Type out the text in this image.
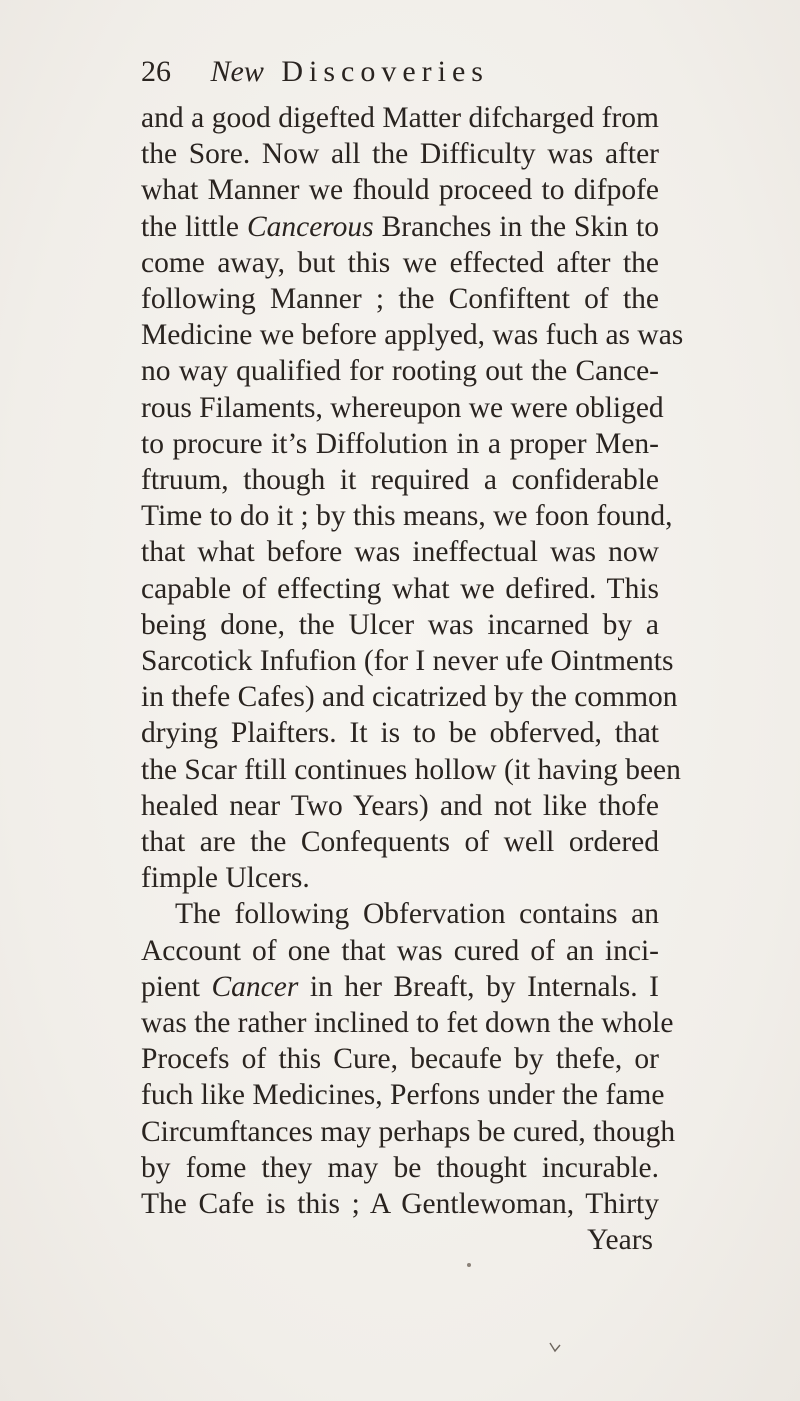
26 New Discoveries
and a good digefted Matter difcharged from
the Sore. Now all the Difficulty was after
what Manner we fhould proceed to difpofe
the little Cancerous Branches in the Skin to
come away, but this we effected after the
following Manner ; the Confiftent of the
Medicine we before applyed, was fuch as was
no way qualified for rooting out the Cance-
rous Filaments, whereupon we were obliged
to procure it’s Diffolution in a proper Men-
ftruum, though it required a confiderable
Time to do it ; by this means, we foon found,
that what before was ineffectual was now
capable of effecting what we defired. This
being done, the Ulcer was incarned by a
Sarcotick Infufion (for I never ufe Ointments
in thefe Cafes) and cicatrized by the common
drying Plaifters. It is to be obferved, that
the Scar ftill continues hollow (it having been
healed near Two Years) and not like thofe
that are the Confequents of well ordered
fimple Ulcers.
The following Obfervation contains an
Account of one that was cured of an inci-
pient Cancer in her Breaft, by Internals. I
was the rather inclined to fet down the whole
Procefs of this Cure, becaufe by thefe, or
fuch like Medicines, Perfons under the fame
Circumftances may perhaps be cured, though
by fome they may be thought incurable.
The Cafe is this ; A Gentlewoman, Thirty
Years
